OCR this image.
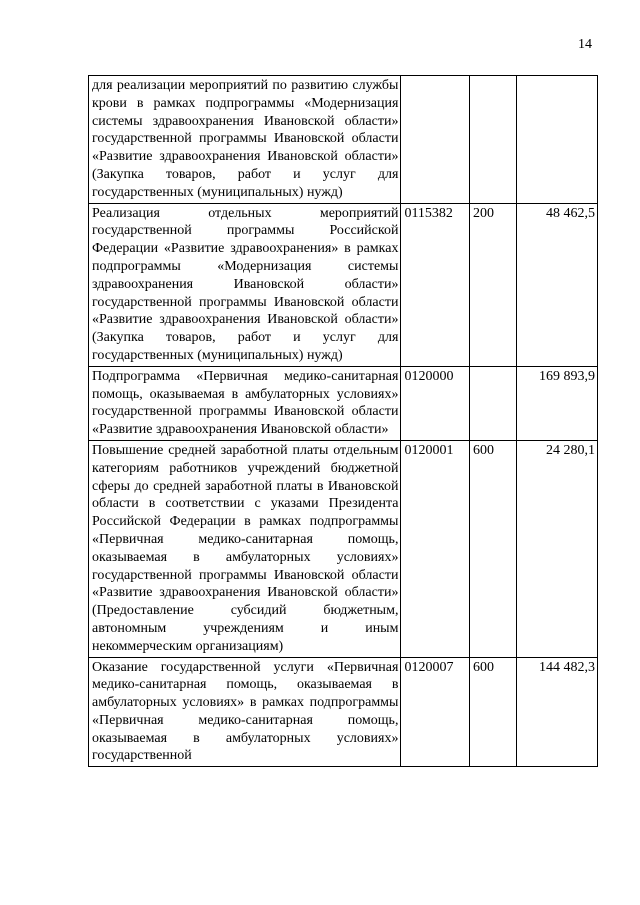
14
для реализации мероприятий по развитию службы крови в рамках подпрограммы «Модернизация системы здравоохранения Ивановской области» государственной программы Ивановской области «Развитие здравоохранения Ивановской области» (Закупка товаров, работ и услуг для государственных (муниципальных) нужд)			
Реализация отдельных мероприятий государственной программы Российской Федерации «Развитие здравоохранения» в рамках подпрограммы «Модернизация системы здравоохранения Ивановской области» государственной программы Ивановской области «Развитие здравоохранения Ивановской области» (Закупка товаров, работ и услуг для государственных (муниципальных) нужд)	0115382	200	48 462,5
Подпрограмма «Первичная медико-санитарная помощь, оказываемая в амбулаторных условиях» государственной программы Ивановской области «Развитие здравоохранения Ивановской области»	0120000		169 893,9
Повышение средней заработной платы отдельным категориям работников учреждений бюджетной сферы до средней заработной платы в Ивановской области в соответствии с указами Президента Российской Федерации в рамках подпрограммы «Первичная медико-санитарная помощь, оказываемая в амбулаторных условиях» государственной программы Ивановской области «Развитие здравоохранения Ивановской области» (Предоставление субсидий бюджетным, автономным учреждениям и иным некоммерческим организациям)	0120001	600	24 280,1
Оказание государственной услуги «Первичная медико-санитарная помощь, оказываемая в амбулаторных условиях» в рамках подпрограммы «Первичная медико-санитарная помощь, оказываемая в амбулаторных условиях» государственной	0120007	600	144 482,3
